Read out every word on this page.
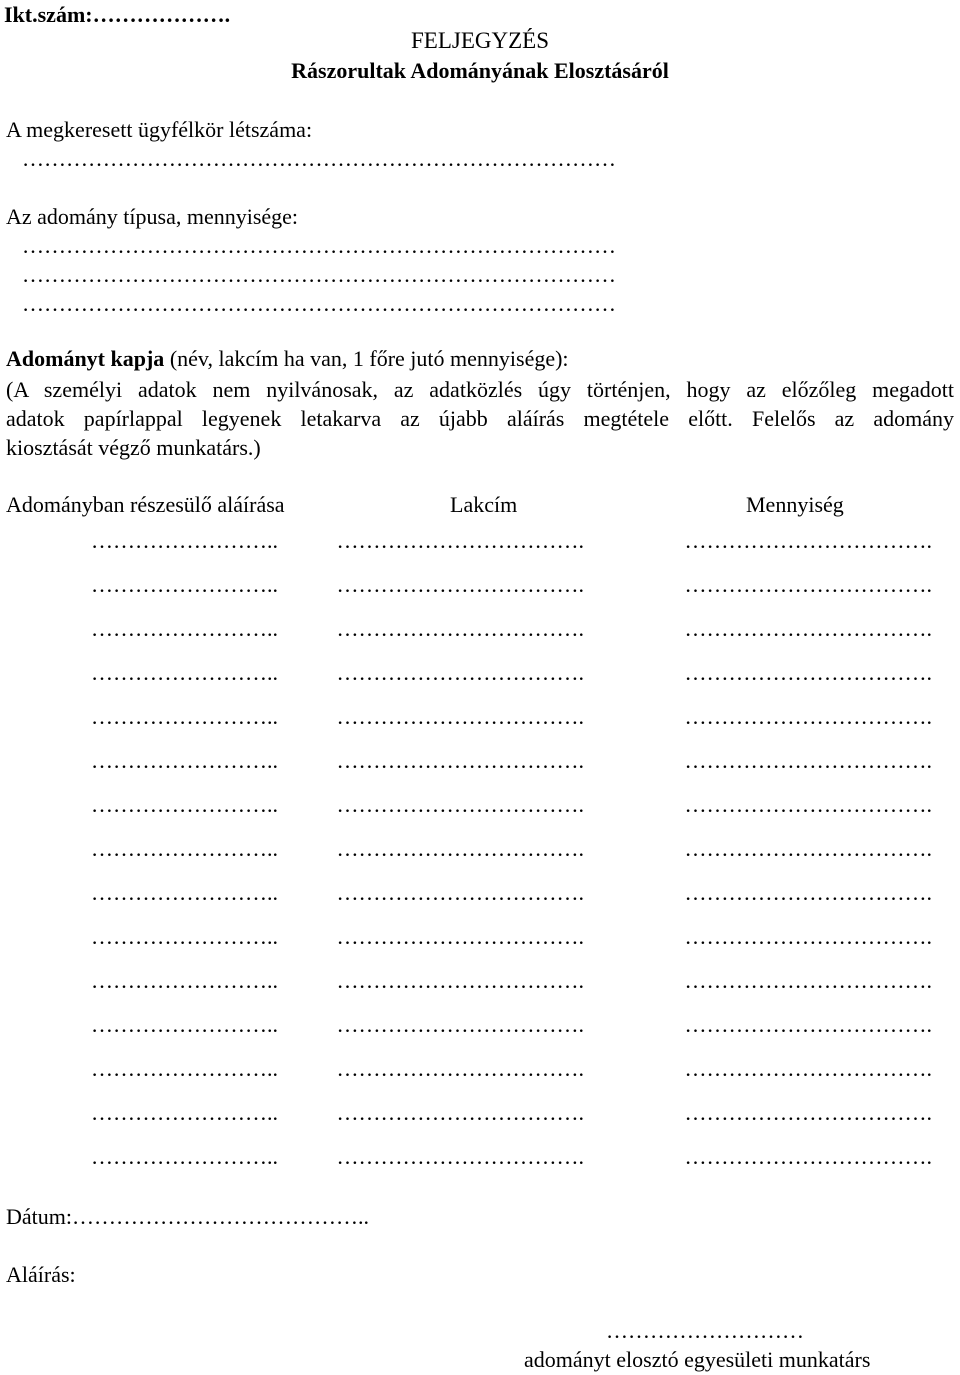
Ikt.szám:……………….
FELJEGYZÉS
Rászorultak Adományának Elosztásáról
A megkeresett ügyfélkör létszáma:
………………………………………………………………………
Az adomány típusa, mennyisége:
………………………………………………………………………
………………………………………………………………………
………………………………………………………………………
Adományt kapja (név, lakcím ha van, 1 főre jutó mennyisége):
(A személyi adatok nem nyilvánosak, az adatközlés úgy történjen, hogy az előzőleg megadott
adatok papírlappal legyenek letakarva az újabb aláírás megtétele előtt. Felelős az adomány
kiosztását végző munkatárs.)
Adományban részesülő aláírása	Lakcím	Mennyiség
……………………..	…………………………….	…………………………….
……………………..	…………………………….	…………………………….
……………………..	…………………………….	…………………………….
……………………..	…………………………….	…………………………….
……………………..	…………………………….	…………………………….
……………………..	…………………………….	…………………………….
……………………..	…………………………….	…………………………….
……………………..	…………………………….	…………………………….
……………………..	…………………………….	…………………………….
……………………..	…………………………….	…………………………….
……………………..	…………………………….	…………………………….
……………………..	…………………………….	…………………………….
……………………..	…………………………….	…………………………….
……………………..	…………………………….	…………………………….
……………………..	…………………………….	…………………………….
Dátum:…………………………………..
Aláírás:
………………………
adományt elosztó egyesületi munkatárs
